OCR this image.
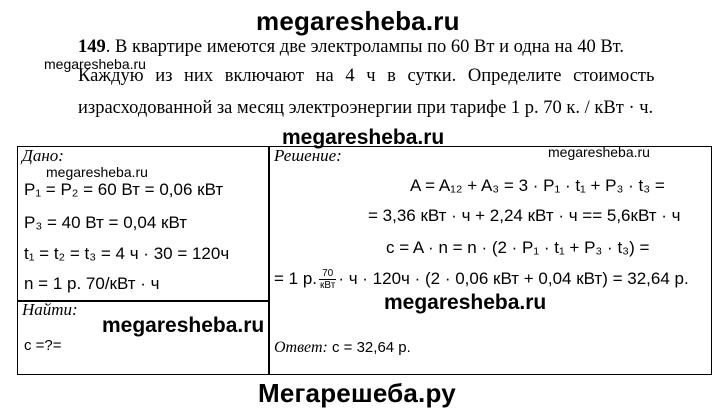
megaresheba.ru
149. В квартире имеются две электролампы по 60 Вт и одна на 40 Вт.
megaresheba.ru
Каждую из них включают на 4 ч в сутки. Определите стоимость
израсходованной за месяц электроэнергии при тарифе 1 р. 70 к. / кВт · ч.
megaresheba.ru
Дано:
megaresheba.ru
P₁ = P₂ = 60 Вт = 0,06 кВт
P₃ = 40 Вт = 0,04 кВт
t₁ = t₂ = t₃ = 4 ч · 30 = 120ч
n = 1 р. 70/кВт · ч
Найти:
megaresheba.ru
c =?=
Решение:	megaresheba.ru
A = A₁₂ + A₃ = 3 · P₁ · t₁ + P₃ · t₃ =
= 3,36 кВт · ч + 2,24 кВт · ч == 5,6кВт · ч
c = A · n = n · (2 · P₁ · t₁ + P₃ · t₃) =
= 1 р. $\frac{70}{\text{кВт}} \cdot ч \cdot 120ч \cdot (2 \cdot 0,06$ кВт + 0,04 кВт) = 32,64 р.
megaresheba.ru
Ответ: c = 32,64 р.
Мегарешеба.ру
